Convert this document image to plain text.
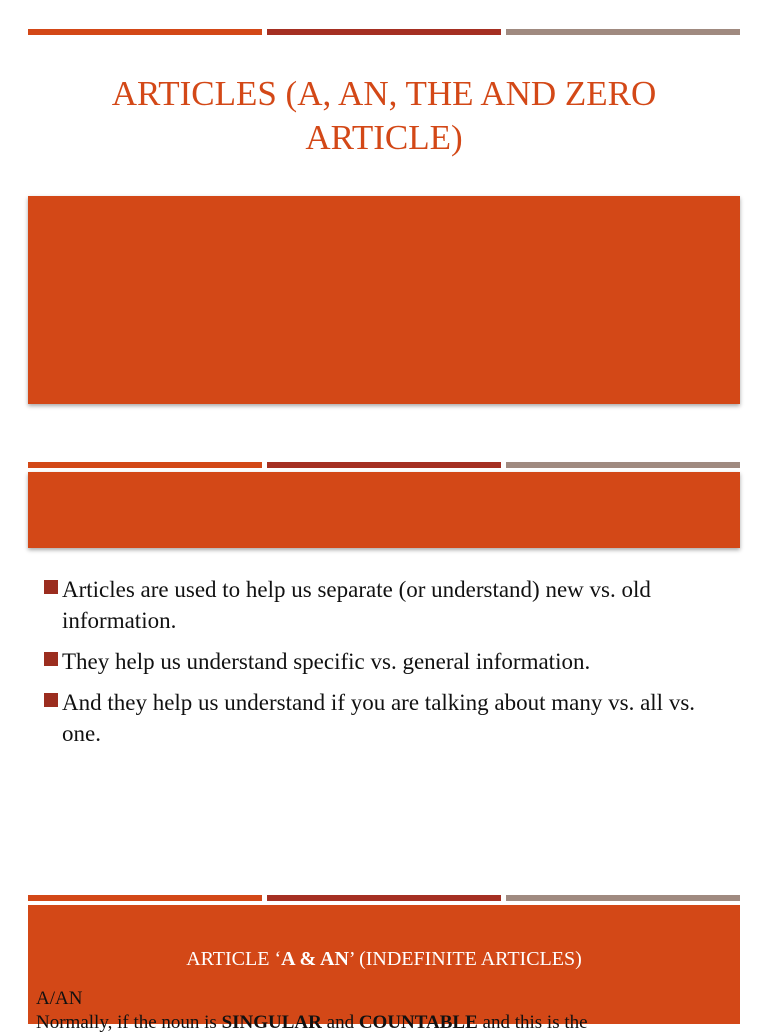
ARTICLES (A, AN, THE AND ZERO ARTICLE)
Articles are used to help us separate (or understand) new vs. old information.
They help us understand specific vs. general information.
And they help us understand if you are talking about many vs. all vs. one.
ARTICLE ‘A & AN’ (INDEFINITE ARTICLES)
A/AN
Normally, if the noun is SINGULAR and COUNTABLE and this is the
